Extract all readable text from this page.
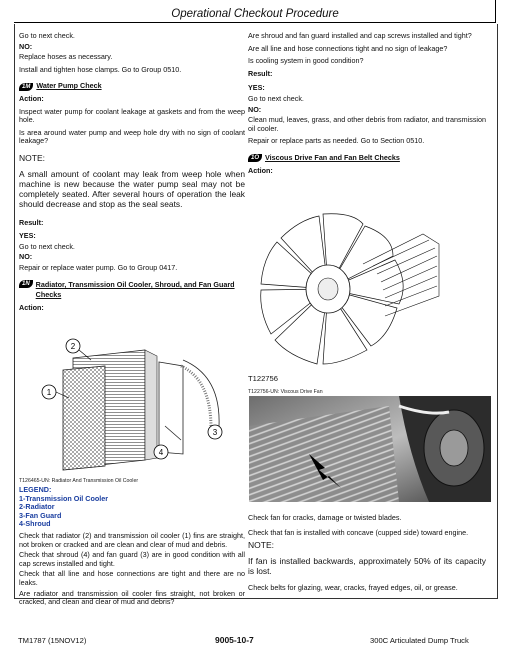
Operational Checkout Procedure

Go to next check.

NO:

Replace hoses as necessary.

Install and tighten hose clamps. Go to Group 0510.

1M Water Pump Check

Action:

Inspect water pump for coolant leakage at gaskets and from the weep hole.

Is area around water pump and weep hole dry with no sign of coolant leakage?

NOTE:
A small amount of coolant may leak from weep hole when machine is new because the water pump seal may not be completely seated. After several hours of operation the leak should decrease and stop as the seal seats.

Result:

YES:

Go to next check.

NO:

Repair or replace water pump. Go to Group 0417.

1N Radiator, Transmission Oil Cooler, Shroud, and Fan Guard Checks

Action:

1
2
3
4
T126465-UN: Radiator And Transmission Oil Cooler
LEGEND:
1-Transmission Oil Cooler
2-Radiator
3-Fan Guard
4-Shroud

Check that radiator (2) and transmission oil cooler (1) fins are straight, not broken or cracked and are clean and clear of mud and debris.

Check that shroud (4) and fan guard (3) are in good condition with all cap screws installed and tight.

Check that all line and hose connections are tight and there are no leaks.

Are radiator and transmission oil cooler fins straight, not broken or cracked, and clean and clear of mud and debris?

Are shroud and fan guard installed and cap screws installed and tight?

Are all line and hose connections tight and no sign of leakage?

Is cooling system in good condition?

Result:

YES:

Go to next check.

NO:

Clean mud, leaves, grass, and other debris from radiator, and transmission oil cooler.

Repair or replace parts as needed. Go to Section 0510.

1O Viscous Drive Fan and Fan Belt Checks

Action:

T122756
T122756-UN: Viscous Drive Fan

Check fan for cracks, damage or twisted blades.

Check that fan is installed with concave (cupped side) toward engine.

NOTE:
If fan is installed backwards, approximately 50% of its capacity is lost.

Check belts for glazing, wear, cracks, frayed edges, oil, or grease.

TM1787 (15NOV12)	9005-10-7	300C Articulated Dump Truck
